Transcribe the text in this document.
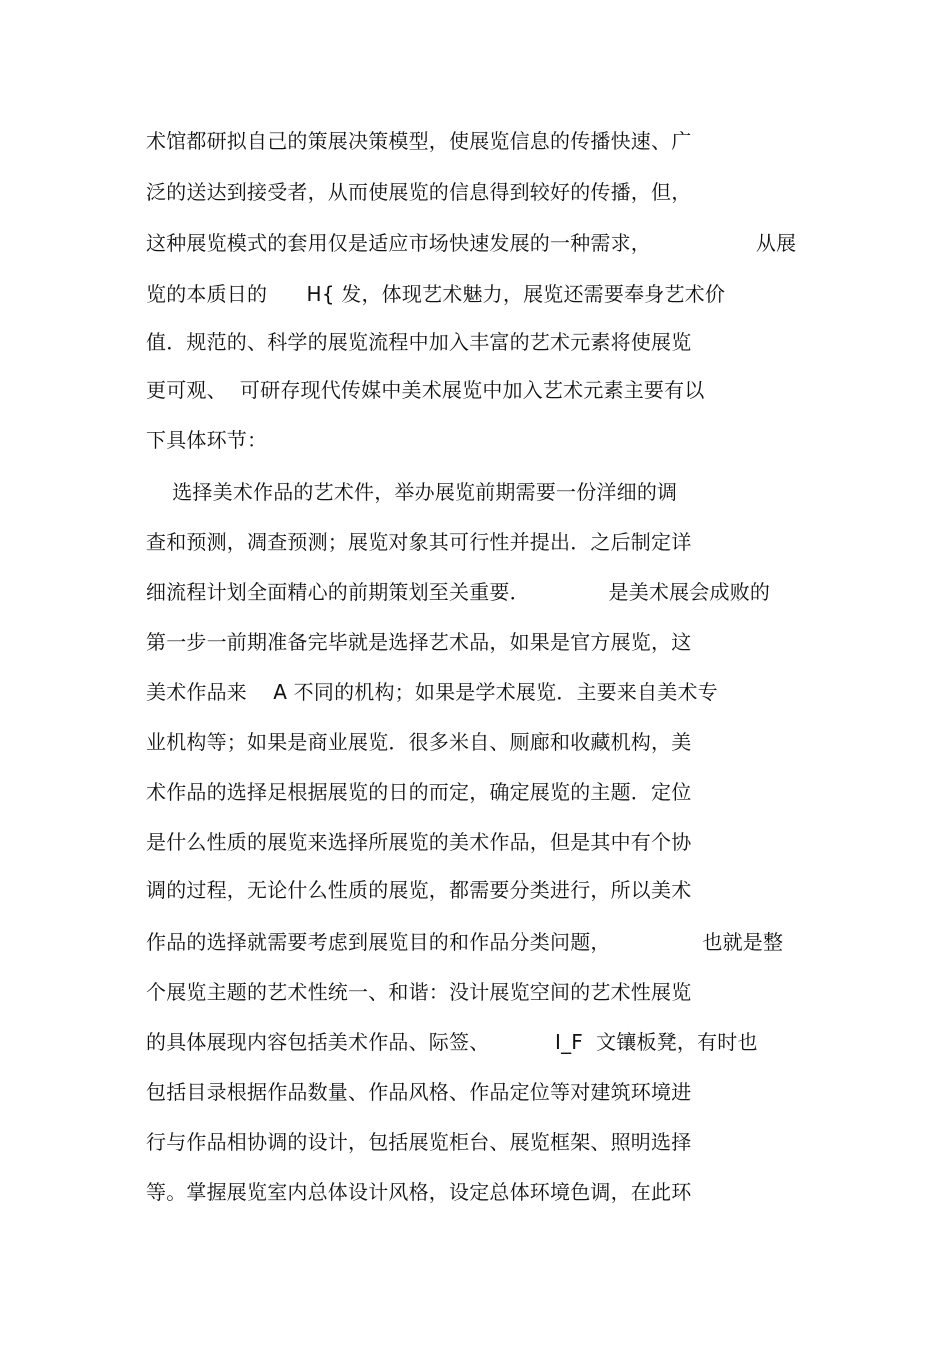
术馆都研拟自己的策展决策模型，使展览信息的传播快速、广
泛的送达到接受者，从而使展览的信息得到较好的传播，但，
这种展览模式的套用仅是适应市场快速发展的一种需求，                从展
览的本质日的      H{ 发，体现艺术魅力，展览还需要奉身艺术价
值．规范的、科学的展览流程中加入丰富的艺术元素将使展览
更可观、  可研存现代传媒中美术展览中加入艺术元素主要有以
下具体环节：
选择美术作品的艺术件，举办展览前期需要一份洋细的调
查和预测，凋查预测；展览对象其可行性并提出．之后制定详
细流程计划全面精心的前期策划至关重要．            是美术展会成败的
第一步一前期准备完毕就是选择艺术品，如果是官方展览，这
美术作品来    A 不同的机构；如果是学术展览．主要来自美术专
业机构等；如果是商业展览．很多米自、厕廊和收藏机构，美
术作品的选择足根据展览的日的而定，确定展览的主题．定位
是什么性质的展览来选择所展览的美术作品，但是其中有个协
调的过程，无论什么性质的展览，都需要分类进行，所以美术
作品的选择就需要考虑到展览目的和作品分类问题，              也就是整
个展览主题的艺术性统一、和谐：没计展览空间的艺术性展览
的具体展现内容包括美术作品、际签、          I_F  文镶板凳，有时也
包括目录根据作品数量、作品风格、作品定位等对建筑环境进
行与作品相协调的设计，包括展览柜台、展览框架、照明选择
等。掌握展览室内总体设计风格，设定总体环境色调，在此环
